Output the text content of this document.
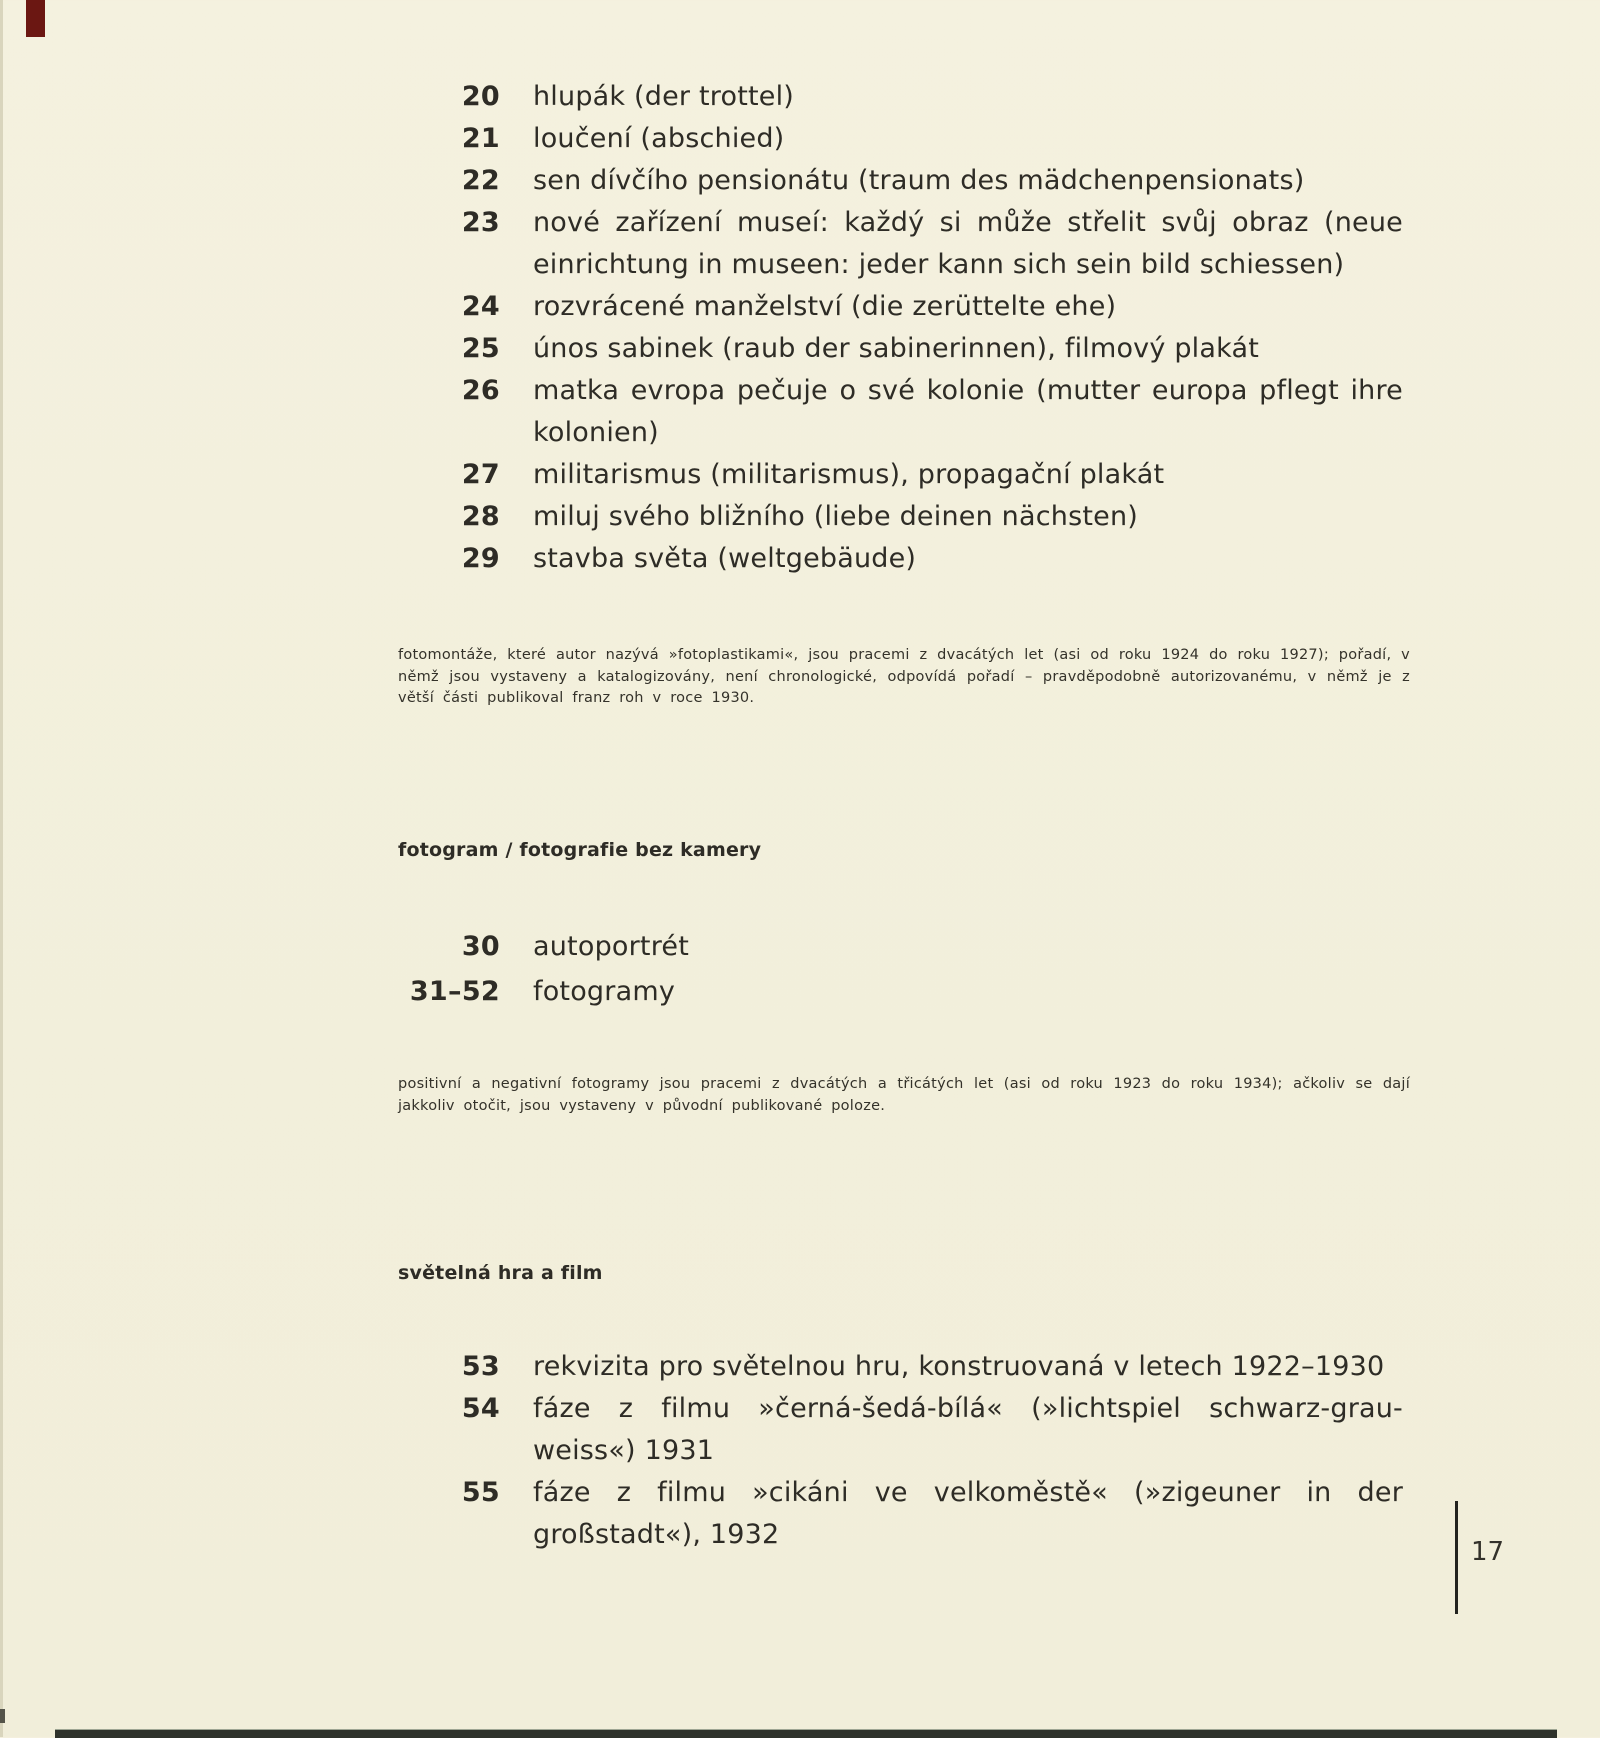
20 hlupák (der trottel)
21 loučení (abschied)
22 sen dívčího pensionátu (traum des mädchenpensionats)
23 nové zařízení museí: každý si může střelit svůj obraz (neue einrichtung in museen: jeder kann sich sein bild schiessen)
24 rozvrácené manželství (die zerüttelte ehe)
25 únos sabinek (raub der sabinerinnen), filmový plakát
26 matka evropa pečuje o své kolonie (mutter europa pflegt ihre kolonien)
27 militarismus (militarismus), propagační plakát
28 miluj svého bližního (liebe deinen nächsten)
29 stavba světa (weltgebäude)
fotomontáže, které autor nazývá »fotoplastikami«, jsou pracemi z dvacátých let (asi od roku 1924 do roku 1927); pořadí, v němž jsou vystaveny a katalogizovány, není chronologické, odpovídá pořadí – pravděpodobně autorizovanému, v němž je z větší části publikoval franz roh v roce 1930.
fotogram / fotografie bez kamery
30 autoportrét
31–52 fotogramy
positivní a negativní fotogramy jsou pracemi z dvacátých a třicátých let (asi od roku 1923 do roku 1934); ačkoliv se dají jakkoliv otočit, jsou vystaveny v původní publikované poloze.
světelná hra a film
53 rekvizita pro světelnou hru, konstruovaná v letech 1922–1930
54 fáze z filmu »černá-šedá-bílá« (»lichtspiel schwarz-grau-weiss«) 1931
55 fáze z filmu »cikáni ve velkoměstě« (»zigeuner in der großstadt«), 1932
17
